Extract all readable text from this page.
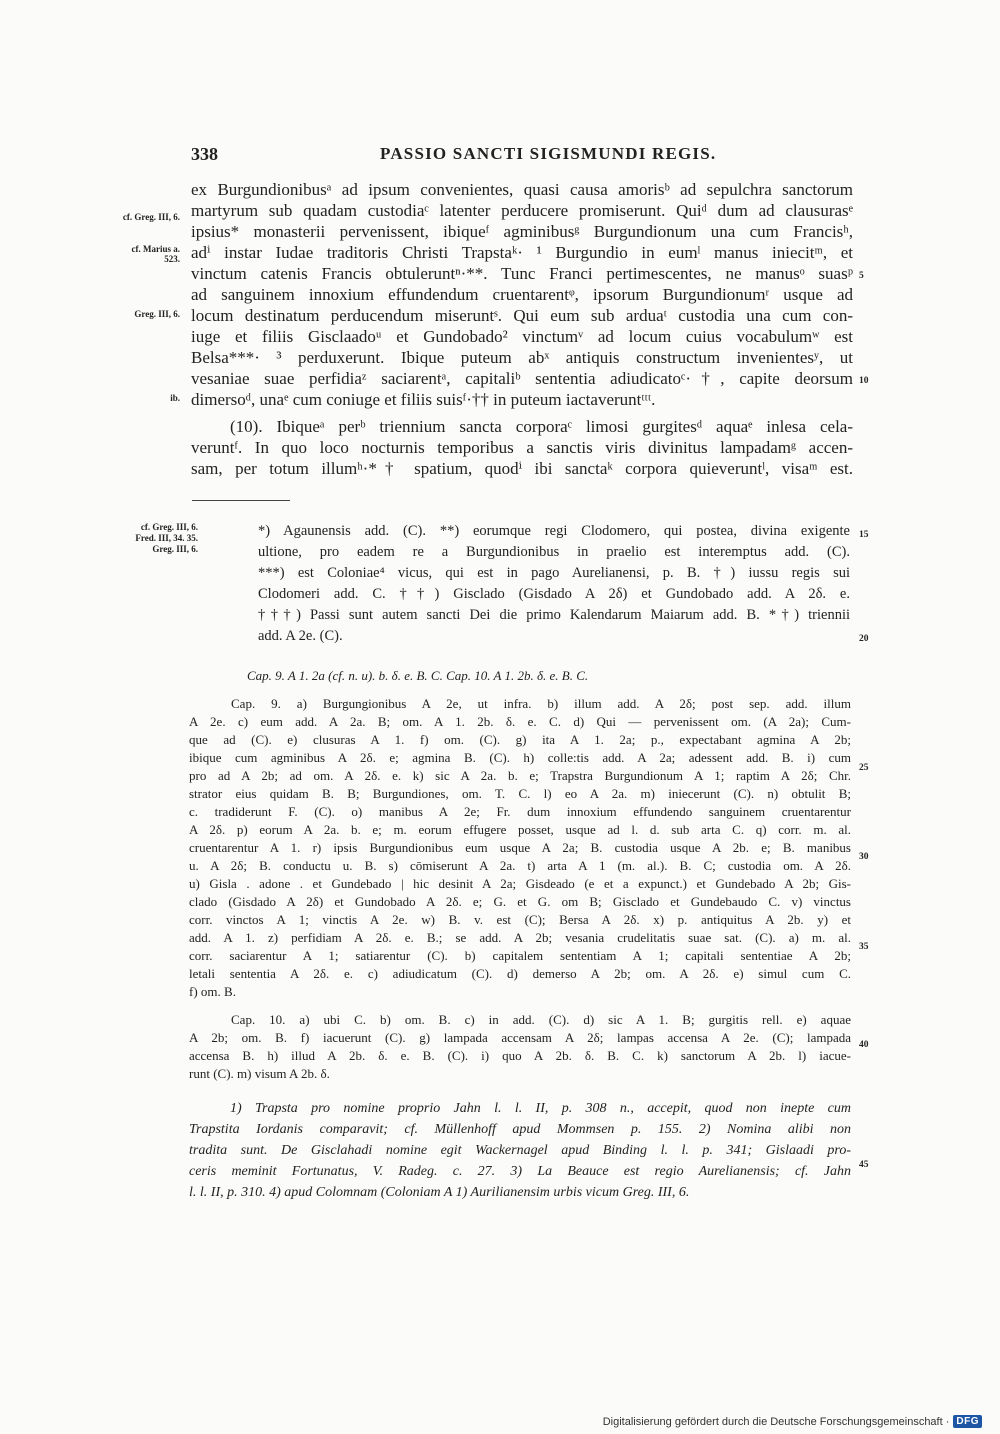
338	PASSIO SANCTI SIGISMUNDI REGIS.
ex Burgundionibusᵃ ad ipsum convenientes, quasi causa amorisᵇ ad sepulchra sanctorum
martyrum sub quadam custodiaᶜ latenter perducere promiserunt. Quiᵈ dum ad clausurasᵉ
ipsius* monasterii pervenissent, ibiqueᶠ agminibusᵍ Burgundionum una cum Francisʰ,
adⁱ instar Iudae traditoris Christi Trapstaᵏ· ¹ Burgundio in eumˡ manus iniecitᵐ, et
vinctum catenis Francis obtuleruntⁿ·**. Tunc Franci pertimescentes, ne manusᵒ suasᵖ
ad sanguinem innoxium effundendum cruentarentᵠ, ipsorum Burgundionumʳ usque ad
locum destinatum perducendum miseruntˢ. Qui eum sub arduaᵗ custodia una cum con-
iuge et filiis Gisclaadoᵘ et Gundobado² vinctumᵛ ad locum cuius vocabulumʷ est
Belsa***· ³ perduxerunt. Ibique puteum abˣ antiquis constructum invenientesʸ, ut
vesaniae suae perfidiaᶻ saciarentᵃ, capitaliᵇ sententia adiudicatoᶜ·†, capite deorsum
dimersoᵈ, unaᵉ cum coniuge et filiis suisᶠ·†† in puteum iactaveruntᵗᵗᵗ.
(10). Ibiqueᵃ perᵇ triennium sancta corporaᶜ limosi gurgitesᵈ aquaᵉ inlesa cela-
veruntᶠ. In quo loco nocturnis temporibus a sanctis viris divinitus lampadamᵍ accen-
sam, per totum illumʰ·*† spatium, quodⁱ ibi sanctaᵏ corpora quieveruntˡ, visaᵐ est.
cf. Greg. III, 6.
cf. Marius a. 523.
Greg. III, 6.
ib.
cf. Greg. III, 6. Fred. III, 34. 35. Greg. III, 6.
5
10
15
20
25
30
35
40
45
*) Agaunensis add. (C). **) eorumque regi Clodomero, qui postea, divina exigente
ultione, pro eadem re a Burgundionibus in praelio est interemptus add. (C).
***) est Coloniae⁴ vicus, qui est in pago Aurelianensi, p. B. †) iussu regis sui
Clodomeri add. C. ††) Gisclado (Gisdado A 2δ) et Gundobado add. A 2δ. e.
†††) Passi sunt autem sancti Dei die primo Kalendarum Maiarum add. B. *†) triennii
add. A 2e. (C).
Cap. 9. A 1. 2a (cf. n. u). b. δ. e. B. C. Cap. 10. A 1. 2b. δ. e. B. C.
Cap. 9. a) Burgungionibus A 2e, ut infra. b) illum add. A 2δ; post sep. add. illum
A 2e. c) eum add. A 2a. B; om. A 1. 2b. δ. e. C. d) Qui — pervenissent om. (A 2a); Cum-
que ad (C). e) clusuras A 1. f) om. (C). g) ita A 1. 2a; p., expectabant agmina A 2b;
ibique cum agminibus A 2δ. e; agmina B. (C). h) colle:tis add. A 2a; adessent add. B. i) cum
pro ad A 2b; ad om. A 2δ. e. k) sic A 2a. b. e; Trapstra Burgundionum A 1; raptim A 2δ; Chr.
strator eius quidam B. B; Burgundiones, om. T. C. l) eo A 2a. m) iniecerunt (C). n) obtulit B;
c. tradiderunt F. (C). o) manibus A 2e; Fr. dum innoxium effundendo sanguinem cruentarentur
A 2δ. p) eorum A 2a. b. e; m. eorum effugere posset, usque ad l. d. sub arta C. q) corr. m. al.
cruentarentur A 1. r) ipsis Burgundionibus eum usque A 2a; B. custodia usque A 2b. e; B. manibus
u. A 2δ; B. conductu u. B. s) cōmiserunt A 2a. t) arta A 1 (m. al.). B. C; custodia om. A 2δ.
u) Gisla . adone . et Gundebado | hic desinit A 2a; Gisdeado (e et a expunct.) et Gundebado A 2b; Gis-
clado (Gisdado A 2δ) et Gundobado A 2δ. e; G. et G. om B; Gisclado et Gundebaudo C. v) vinctus
corr. vinctos A 1; vinctis A 2e. w) B. v. est (C); Bersa A 2δ. x) p. antiquitus A 2b. y) et
add. A 1. z) perfidiam A 2δ. e. B.; se add. A 2b; vesania crudelitatis suae sat. (C). a) m. al.
corr. saciarentur A 1; satiarentur (C). b) capitalem sententiam A 1; capitali sententiae A 2b;
letali sententia A 2δ. e. c) adiudicatum (C). d) demerso A 2b; om. A 2δ. e) simul cum C.
f) om. B.
Cap. 10. a) ubi C. b) om. B. c) in add. (C). d) sic A 1. B; gurgitis rell. e) aquae
A 2b; om. B. f) iacuerunt (C). g) lampada accensam A 2δ; lampas accensa A 2e. (C); lampada
accensa B. h) illud A 2b. δ. e. B. (C). i) quo A 2b. δ. B. C. k) sanctorum A 2b. l) iacue-
runt (C). m) visum A 2b. δ.
1) Trapsta pro nomine proprio Jahn l. l. II, p. 308 n., accepit, quod non inepte cum
Trapstita Iordanis comparavit; cf. Müllenhoff apud Mommsen p. 155. 2) Nomina alibi non
tradita sunt. De Gisclahadi nomine egit Wackernagel apud Binding l. l. p. 341; Gislaadi pro-
ceris meminit Fortunatus, V. Radeg. c. 27. 3) La Beauce est regio Aurelianensis; cf. Jahn
l. l. II, p. 310. 4) apud Colomnam (Coloniam A 1) Aurilianensim urbis vicum Greg. III, 6.
Digitalisierung gefördert durch die Deutsche Forschungsgemeinschaft · DFG
